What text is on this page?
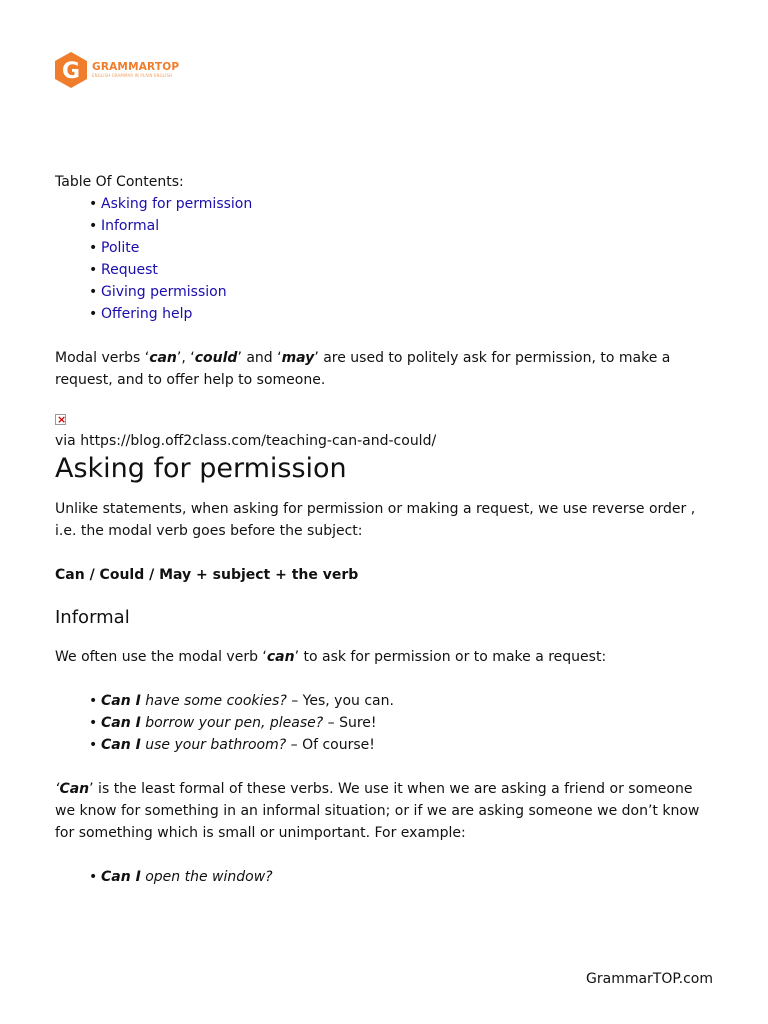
G GRAMMARTOP
ENGLISH GRAMMAR IN PLAIN ENGLISH

Table Of Contents:

• Asking for permission
• Informal
• Polite
• Request
• Giving permission
• Offering help

Modal verbs ‘can’, ‘could’ and ‘may’ are used to politely ask for permission, to make a request, and to offer help to someone.

×

via https://blog.off2class.com/teaching-can-and-could/

Asking for permission

Unlike statements, when asking for permission or making a request, we use reverse order , i.e. the modal verb goes before the subject:

Can / Could / May + subject + the verb

Informal

We often use the modal verb ‘can’ to ask for permission or to make a request:

• Can I have some cookies? – Yes, you can.
• Can I borrow your pen, please? – Sure!
• Can I use your bathroom? – Of course!

‘Can’ is the least formal of these verbs. We use it when we are asking a friend or someone we know for something in an informal situation; or if we are asking someone we don’t know for something which is small or unimportant. For example:

• Can I open the window?
GrammarTOP.com
